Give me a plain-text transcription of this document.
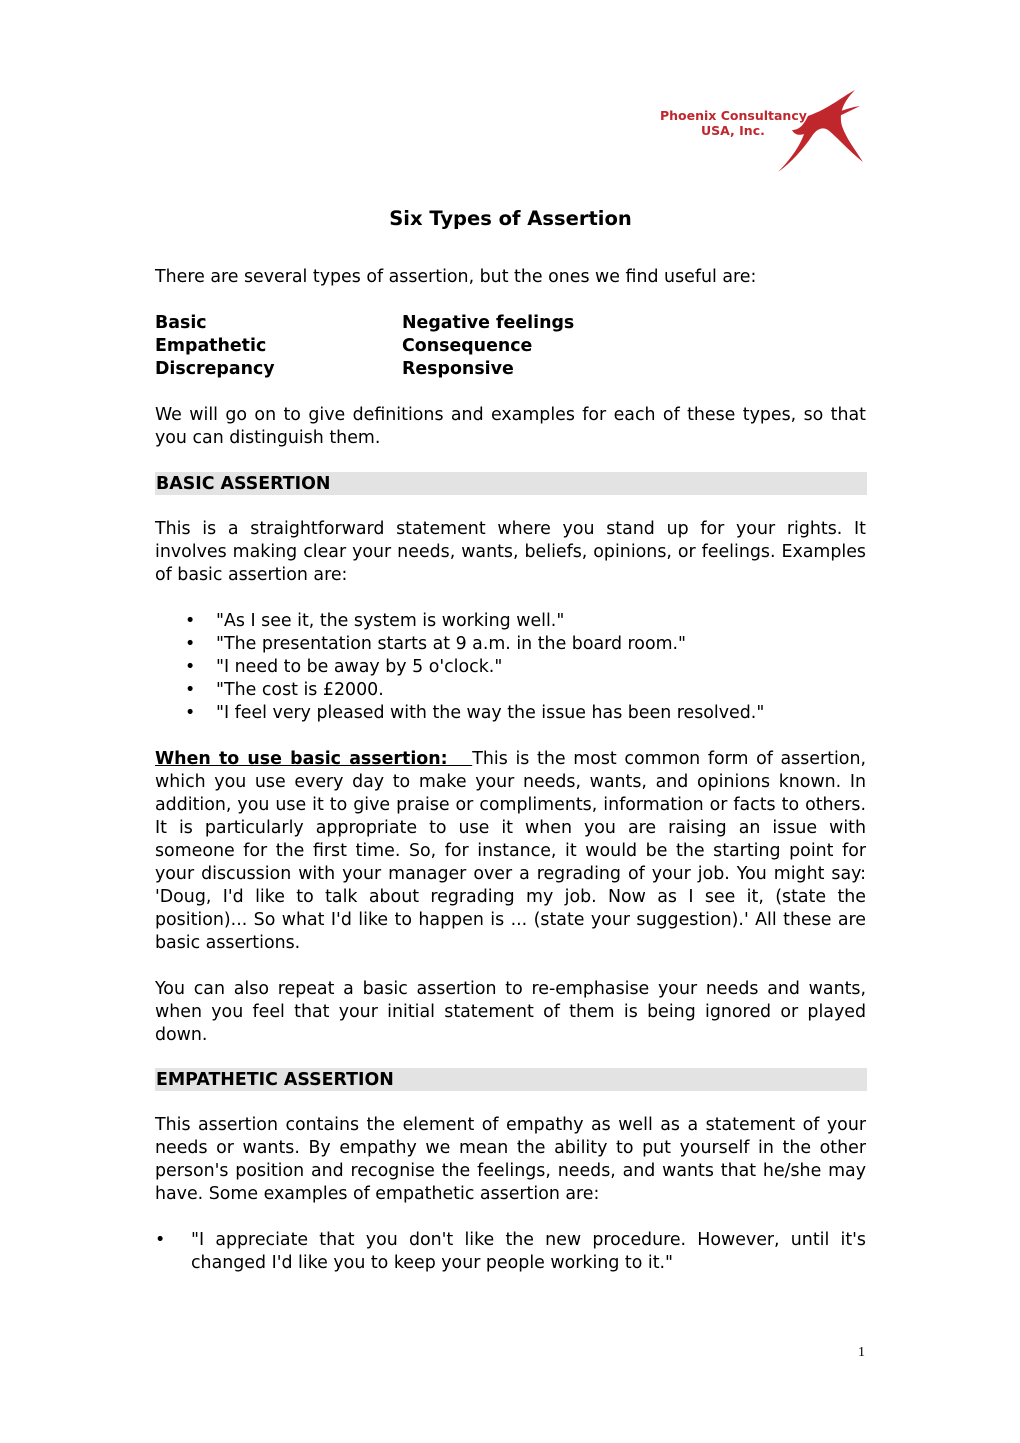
Phoenix Consultancy
USA, Inc.
Six Types of Assertion
There are several types of assertion, but the ones we find useful are:
Basic	Negative feelings
Empathetic	Consequence
Discrepancy	Responsive
We will go on to give definitions and examples for each of these types, so that you can distinguish them.
BASIC ASSERTION
This is a straightforward statement where you stand up for your rights. It involves making clear your needs, wants, beliefs, opinions, or feelings. Examples of basic assertion are:
• "As I see it, the system is working well."
• "The presentation starts at 9 a.m. in the board room."
• "I need to be away by 5 o'clock."
• "The cost is £2000.
• "I feel very pleased with the way the issue has been resolved."
When to use basic assertion: This is the most common form of assertion, which you use every day to make your needs, wants, and opinions known. In addition, you use it to give praise or compliments, information or facts to others. It is particularly appropriate to use it when you are raising an issue with someone for the first time. So, for instance, it would be the starting point for your discussion with your manager over a regrading of your job. You might say: 'Doug, I'd like to talk about regrading my job. Now as I see it, (state the position)... So what I'd like to happen is ... (state your suggestion).' All these are basic assertions.
You can also repeat a basic assertion to re-emphasise your needs and wants, when you feel that your initial statement of them is being ignored or played down.
EMPATHETIC ASSERTION
This assertion contains the element of empathy as well as a statement of your needs or wants. By empathy we mean the ability to put yourself in the other person's position and recognise the feelings, needs, and wants that he/she may have. Some examples of empathetic assertion are:
• "I appreciate that you don't like the new procedure. However, until it's changed I'd like you to keep your people working to it."
1
